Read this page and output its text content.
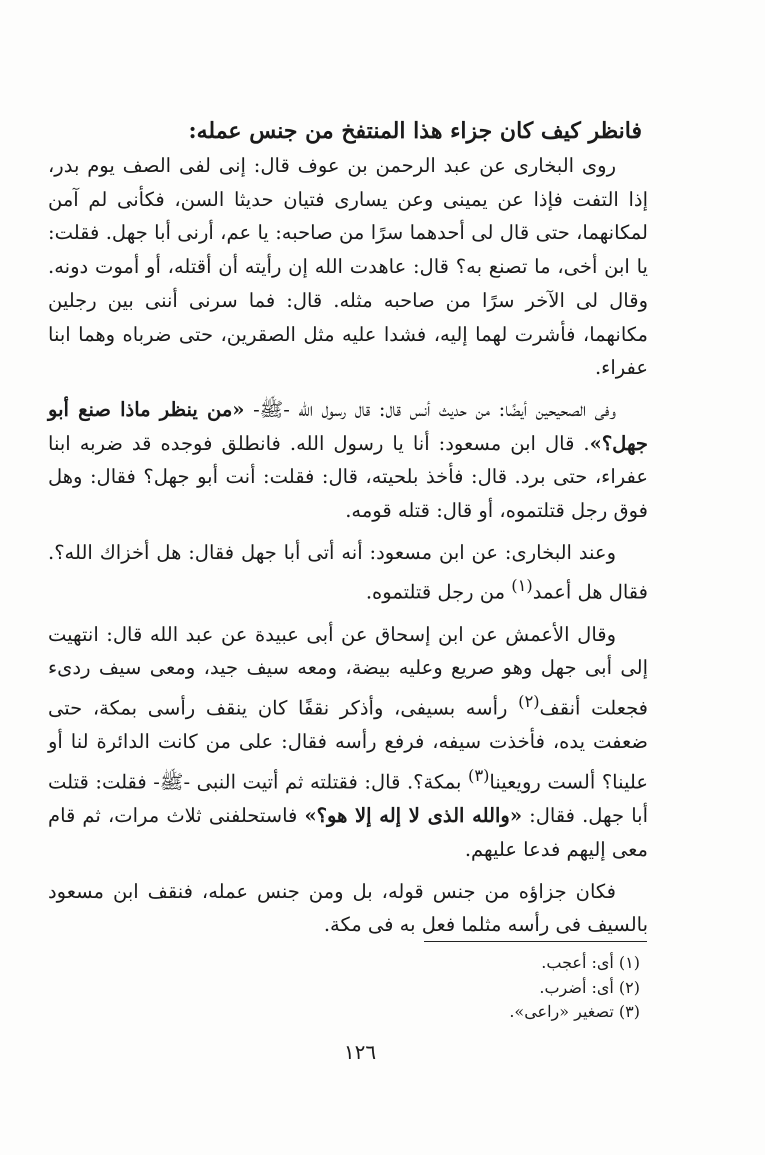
فانظر كيف كان جزاء هذا المنتفخ من جنس عمله:

روى البخارى عن عبد الرحمن بن عوف قال: إنى لفى الصف يوم بدر، إذا التفت فإذا عن يمينى وعن يسارى فتيان حديثا السن، فكأنى لم آمن لمكانهما، حتى قال لى أحدهما سرًا من صاحبه: يا عم، أرنى أبا جهل. فقلت: يا ابن أخى، ما تصنع به؟ قال: عاهدت الله إن رأيته أن أقتله، أو أموت دونه. وقال لى الآخر سرًا من صاحبه مثله. قال: فما سرنى أننى بين رجلين مكانهما، فأشرت لهما إليه، فشدا عليه مثل الصقرين، حتى ضرباه وهما ابنا عفراء.

وفى الصحيحين أيضًا: من حديث أنس قال: قال رسول الله -ﷺ- «من ينظر ماذا صنع أبو جهل؟». قال ابن مسعود: أنا يا رسول الله. فانطلق فوجده قد ضربه ابنا عفراء، حتى برد. قال: فأخذ بلحيته، قال: فقلت: أنت أبو جهل؟ فقال: وهل فوق رجل قتلتموه، أو قال: قتله قومه.

وعند البخارى: عن ابن مسعود: أنه أتى أبا جهل فقال: هل أخزاك الله؟. فقال هل أعمد$^{(١)}$ من رجل قتلتموه.

وقال الأعمش عن ابن إسحاق عن أبى عبيدة عن عبد الله قال: انتهيت إلى أبى جهل وهو صريع وعليه بيضة، ومعه سيف جيد، ومعى سيف ردىء فجعلت أنقف$^{(٢)}$ رأسه بسيفى، وأذكر نقفًا كان ينقف رأسى بمكة، حتى ضعفت يده، فأخذت سيفه، فرفع رأسه فقال: على من كانت الدائرة لنا أو علينا؟ ألست رويعينا$^{(٣)}$ بمكة؟. قال: فقتلته ثم أتيت النبى -ﷺ- فقلت: قتلت أبا جهل. فقال: «والله الذى لا إله إلا هو؟» فاستحلفنى ثلاث مرات، ثم قام معى إليهم فدعا عليهم.

فكان جزاؤه من جنس قوله، بل ومن جنس عمله، فنقف ابن مسعود بالسيف فى رأسه مثلما فعل به فى مكة.

(١) أى: أعجب.

(٢) أى: أضرب.

(٣) تصغير «راعى».

١٢٦
